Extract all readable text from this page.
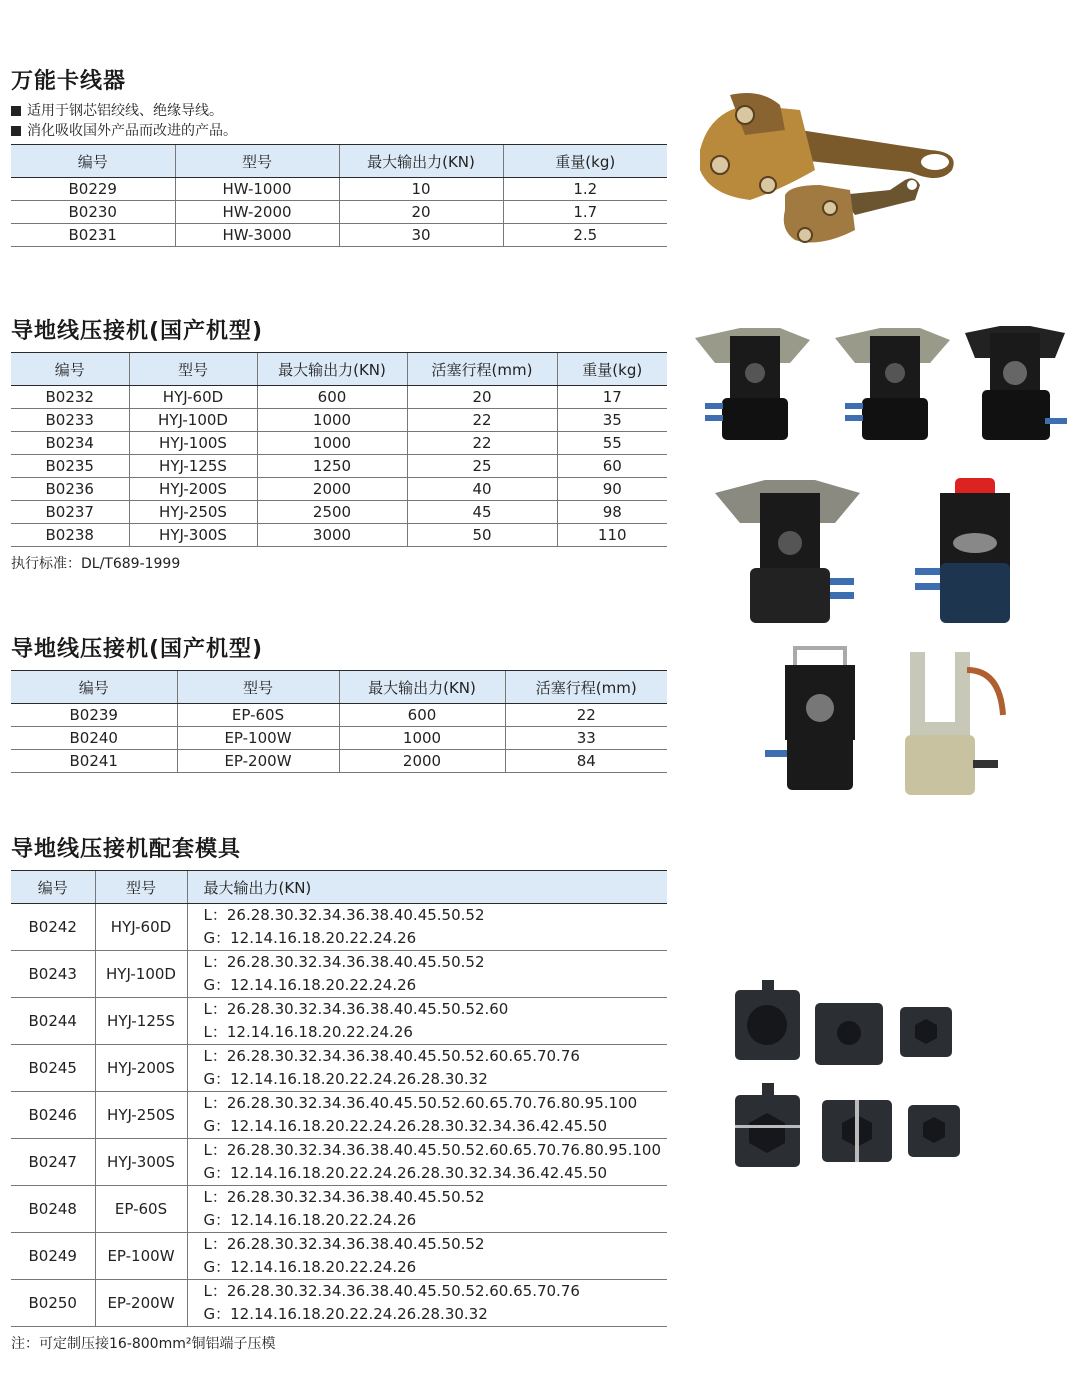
万能卡线器
适用于钢芯铝绞线、绝缘导线。
消化吸收国外产品而改进的产品。
编号	型号	最大输出力(KN)	重量(kg)
B0229	HW-1000	10	1.2
B0230	HW-2000	20	1.7
B0231	HW-3000	30	2.5
导地线压接机(国产机型)
编号	型号	最大输出力(KN)	活塞行程(mm)	重量(kg)
B0232	HYJ-60D	600	20	17
B0233	HYJ-100D	1000	22	35
B0234	HYJ-100S	1000	22	55
B0235	HYJ-125S	1250	25	60
B0236	HYJ-200S	2000	40	90
B0237	HYJ-250S	2500	45	98
B0238	HYJ-300S	3000	50	110
执行标准：DL/T689-1999
导地线压接机(国产机型)
编号	型号	最大输出力(KN)	活塞行程(mm)
B0239	EP-60S	600	22
B0240	EP-100W	1000	33
B0241	EP-200W	2000	84
导地线压接机配套模具
编号	型号	最大输出力(KN)
B0242	HYJ-60D	L：26.28.30.32.34.36.38.40.45.50.52
G：12.14.16.18.20.22.24.26

B0243	HYJ-100D	L：26.28.30.32.34.36.38.40.45.50.52
G：12.14.16.18.20.22.24.26

B0244	HYJ-125S	L：26.28.30.32.34.36.38.40.45.50.52.60
L：12.14.16.18.20.22.24.26

B0245	HYJ-200S	L：26.28.30.32.34.36.38.40.45.50.52.60.65.70.76
G：12.14.16.18.20.22.24.26.28.30.32

B0246	HYJ-250S	L：26.28.30.32.34.36.40.45.50.52.60.65.70.76.80.95.100
G：12.14.16.18.20.22.24.26.28.30.32.34.36.42.45.50

B0247	HYJ-300S	L：26.28.30.32.34.36.38.40.45.50.52.60.65.70.76.80.95.100
G：12.14.16.18.20.22.24.26.28.30.32.34.36.42.45.50

B0248	EP-60S	L：26.28.30.32.34.36.38.40.45.50.52
G：12.14.16.18.20.22.24.26

B0249	EP-100W	L：26.28.30.32.34.36.38.40.45.50.52
G：12.14.16.18.20.22.24.26

B0250	EP-200W	L：26.28.30.32.34.36.38.40.45.50.52.60.65.70.76
G：12.14.16.18.20.22.24.26.28.30.32
注：可定制压接16-800mm²铜铝端子压模
